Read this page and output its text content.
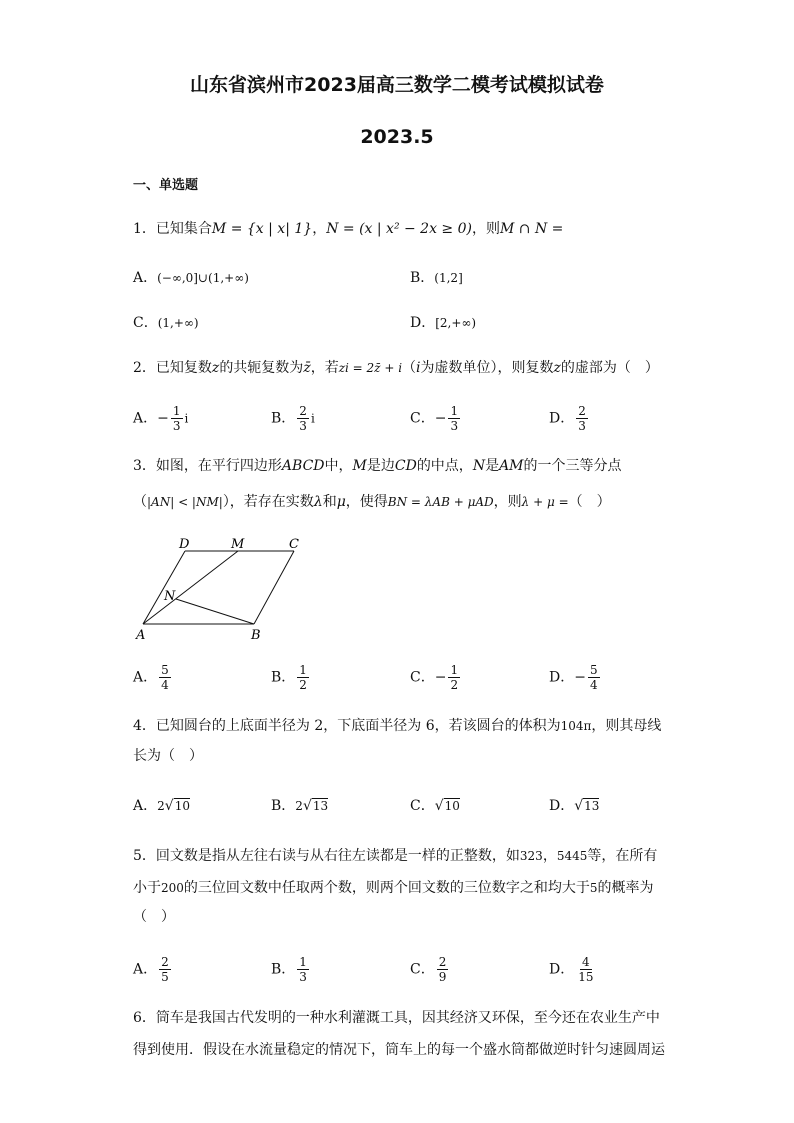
山东省滨州市2023届高三数学二模考试模拟试卷
2023.5
一、单选题
1．已知集合M = {x | x| 1}，N = (x | x² − 2x ≥ 0)，则M ∩ N =
A．(−∞,0]∪(1,+∞)	B．(1,2]
C．(1,+∞)	D．[2,+∞)
2．已知复数z的共轭复数为z̄，若zi = 2z̄ + i（i为虚数单位），则复数z的虚部为（　）
A．− $\frac{1}{3}$ i	B． $\frac{2}{3}$ i	C．− $\frac{1}{3}$	D． $\frac{2}{3}$
3．如图，在平行四边形ABCD中，M是边CD的中点，N是AM的一个三等分点
（|AN| < |NM|），若存在实数λ和μ，使得BN = λAB + μAD，则λ + μ =（　）
D	M	C
N
A	B
A． $\frac{5}{4}$	B． $\frac{1}{2}$	C．− $\frac{1}{2}$	D．− $\frac{5}{4}$
4．已知圆台的上底面半径为 2，下底面半径为 6，若该圆台的体积为104π，则其母线
长为（　）
A．2√10	B．2√13	C．√10	D．√13
5．回文数是指从左往右读与从右往左读都是一样的正整数，如323，5445等，在所有
小于200的三位回文数中任取两个数，则两个回文数的三位数字之和均大于5的概率为
（　）
A． $\frac{2}{5}$	B． $\frac{1}{3}$	C． $\frac{2}{9}$	D． $\frac{4}{15}$
6．筒车是我国古代发明的一种水利灌溉工具，因其经济又环保，至今还在农业生产中
得到使用．假设在水流量稳定的情况下，筒车上的每一个盛水筒都做逆时针匀速圆周运
